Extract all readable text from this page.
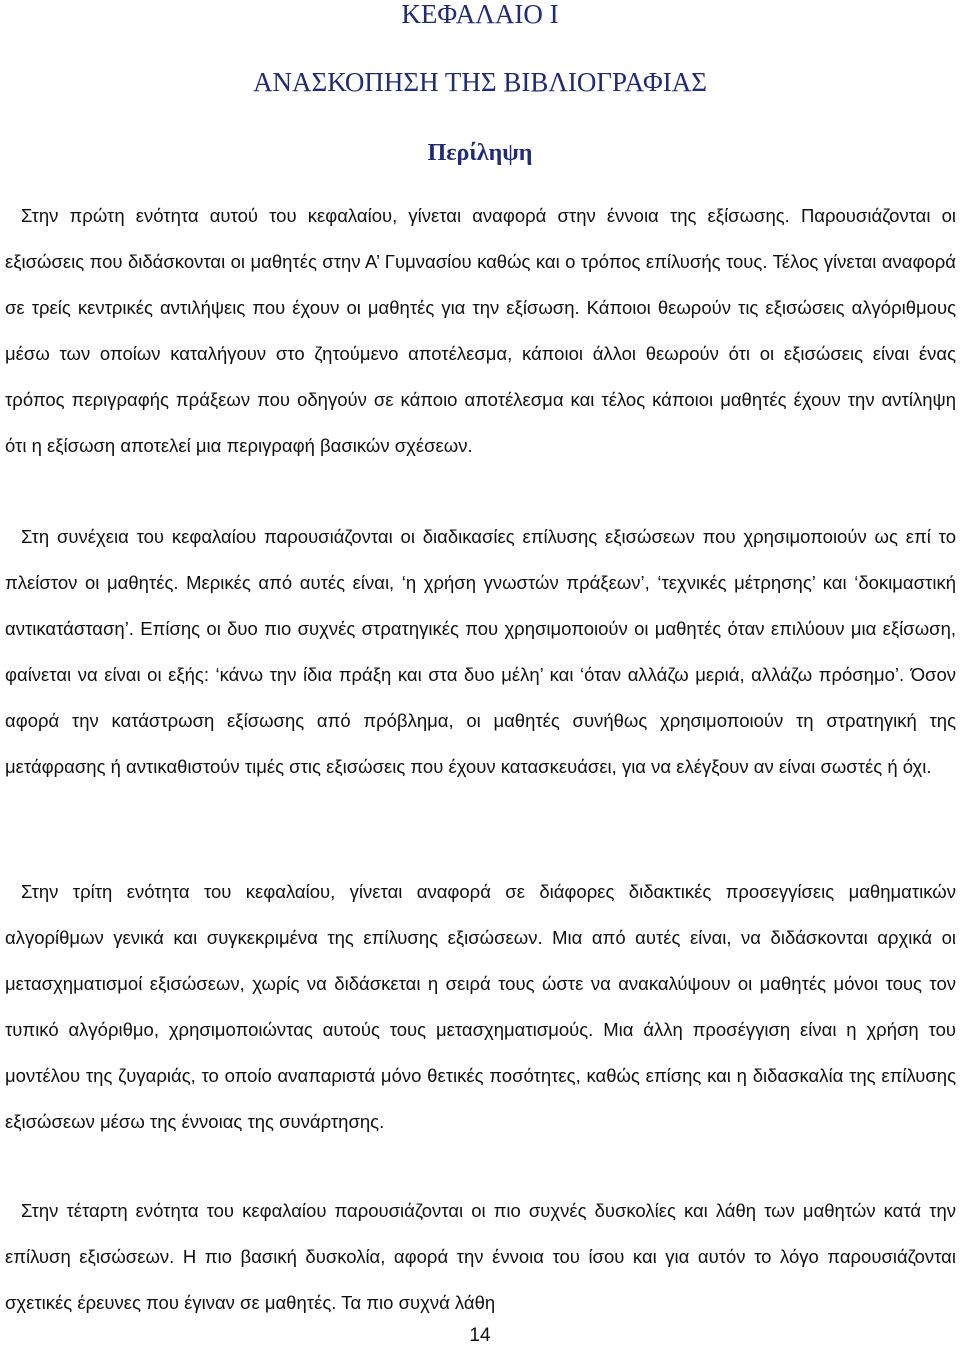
ΚΕΦΑΛΑΙΟ Ι
ΑΝΑΣΚΟΠΗΣΗ ΤΗΣ ΒΙΒΛΙΟΓΡΑΦΙΑΣ
Περίληψη

Στην πρώτη ενότητα αυτού του κεφαλαίου, γίνεται αναφορά στην έννοια της εξίσωσης. Παρουσιάζονται οι εξισώσεις που διδάσκονται οι μαθητές στην Α’ Γυμνασίου καθώς και ο τρόπος επίλυσής τους. Τέλος γίνεται αναφορά σε τρείς κεντρικές αντιλήψεις που έχουν οι μαθητές για την εξίσωση. Κάποιοι θεωρούν τις εξισώσεις αλγόριθμους μέσω των οποίων καταλήγουν στο ζητούμενο αποτέλεσμα, κάποιοι άλλοι θεωρούν ότι οι εξισώσεις είναι ένας τρόπος περιγραφής πράξεων που οδηγούν σε κάποιο αποτέλεσμα και τέλος κάποιοι μαθητές έχουν την αντίληψη ότι η εξίσωση αποτελεί μια περιγραφή βασικών σχέσεων.

Στη συνέχεια του κεφαλαίου παρουσιάζονται οι διαδικασίες επίλυσης εξισώσεων που χρησιμοποιούν ως επί το πλείστον οι μαθητές. Μερικές από αυτές είναι, ‘η χρήση γνωστών πράξεων’, ‘τεχνικές μέτρησης’ και ‘δοκιμαστική αντικατάσταση’. Επίσης οι δυο πιο συχνές στρατηγικές που χρησιμοποιούν οι μαθητές όταν επιλύουν μια εξίσωση, φαίνεται να είναι οι εξής: ‘κάνω την ίδια πράξη και στα δυο μέλη’ και ‘όταν αλλάζω μεριά, αλλάζω πρόσημο’. Όσον αφορά την κατάστρωση εξίσωσης από πρόβλημα, οι μαθητές συνήθως χρησιμοποιούν τη στρατηγική της μετάφρασης ή αντικαθιστούν τιμές στις εξισώσεις που έχουν κατασκευάσει, για να ελέγξουν αν είναι σωστές ή όχι.

Στην τρίτη ενότητα του κεφαλαίου, γίνεται αναφορά σε διάφορες διδακτικές προσεγγίσεις μαθηματικών αλγορίθμων γενικά και συγκεκριμένα της επίλυσης εξισώσεων. Μια από αυτές είναι, να διδάσκονται αρχικά οι μετασχηματισμοί εξισώσεων, χωρίς να διδάσκεται η σειρά τους ώστε να ανακαλύψουν οι μαθητές μόνοι τους τον τυπικό αλγόριθμο, χρησιμοποιώντας αυτούς τους μετασχηματισμούς. Μια άλλη προσέγγιση είναι η χρήση του μοντέλου της ζυγαριάς, το οποίο αναπαριστά μόνο θετικές ποσότητες, καθώς επίσης και η διδασκαλία της επίλυσης εξισώσεων μέσω της έννοιας της συνάρτησης.

Στην τέταρτη ενότητα του κεφαλαίου παρουσιάζονται οι πιο συχνές δυσκολίες και λάθη των μαθητών κατά την επίλυση εξισώσεων. Η πιο βασική δυσκολία, αφορά την έννοια του ίσου και για αυτόν το λόγο παρουσιάζονται σχετικές έρευνες που έγιναν σε μαθητές. Τα πιο συχνά λάθη

14
